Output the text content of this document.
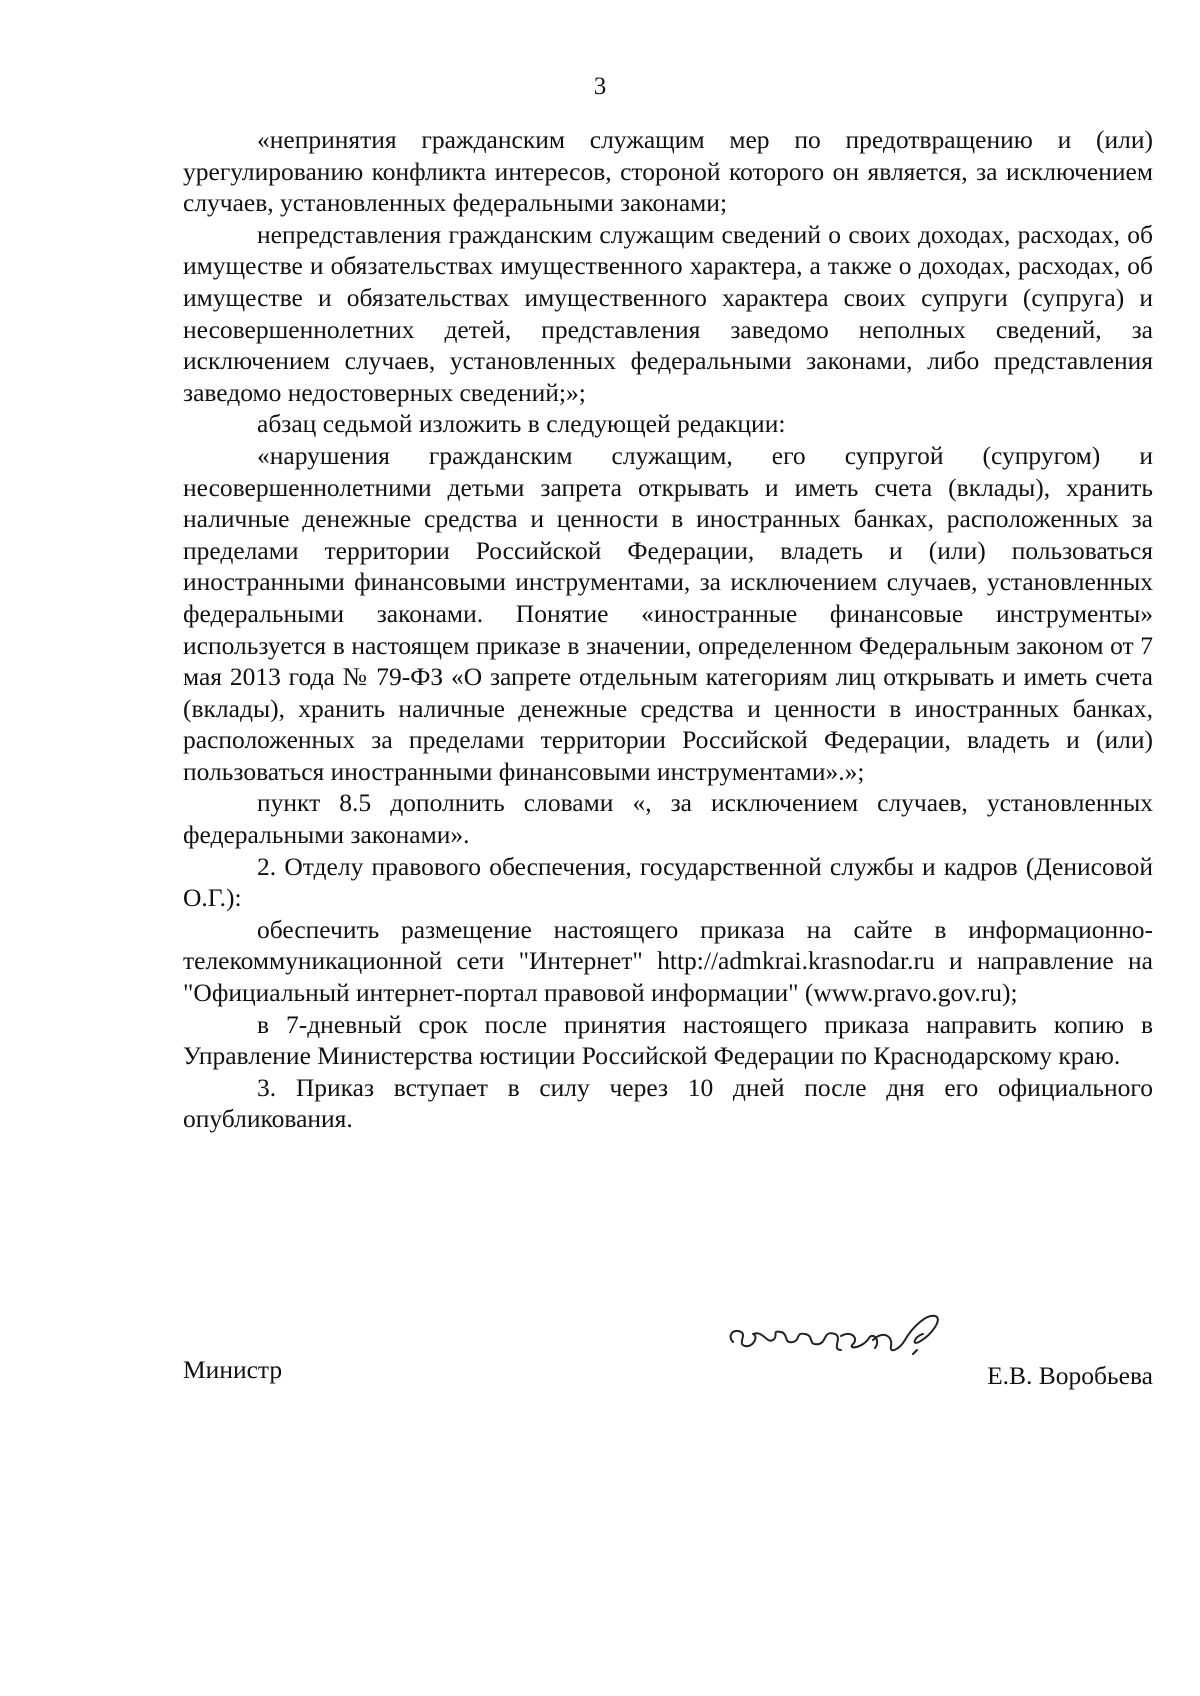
3

«непринятия гражданским служащим мер по предотвращению и (или) урегулированию конфликта интересов, стороной которого он является, за исключением случаев, установленных федеральными законами;

непредставления гражданским служащим сведений о своих доходах, расходах, об имуществе и обязательствах имущественного характера, а также о доходах, расходах, об имуществе и обязательствах имущественного характера своих супруги (супруга) и несовершеннолетних детей, представления заведомо неполных сведений, за исключением случаев, установленных федеральными законами, либо представления заведомо недостоверных сведений;»;

абзац седьмой изложить в следующей редакции:

«нарушения гражданским служащим, его супругой (супругом) и несовершеннолетними детьми запрета открывать и иметь счета (вклады), хранить наличные денежные средства и ценности в иностранных банках, расположенных за пределами территории Российской Федерации, владеть и (или) пользоваться иностранными финансовыми инструментами, за исключением случаев, установленных федеральными законами. Понятие «иностранные финансовые инструменты» используется в настоящем приказе в значении, определенном Федеральным законом от 7 мая 2013 года № 79-ФЗ «О запрете отдельным категориям лиц открывать и иметь счета (вклады), хранить наличные денежные средства и ценности в иностранных банках, расположенных за пределами территории Российской Федерации, владеть и (или) пользоваться иностранными финансовыми инструментами».»;

пункт 8.5 дополнить словами «, за исключением случаев, установленных федеральными законами».

2. Отделу правового обеспечения, государственной службы и кадров (Денисовой О.Г.):

обеспечить размещение настоящего приказа на сайте в информационно-телекоммуникационной сети "Интернет" http://admkrai.krasnodar.ru и направление на "Официальный интернет-портал правовой информации" (www.pravo.gov.ru);

в 7-дневный срок после принятия настоящего приказа направить копию в Управление Министерства юстиции Российской Федерации по Краснодарскому краю.

3. Приказ вступает в силу через 10 дней после дня его официального опубликования.

Министр	Е.В. Воробьева
